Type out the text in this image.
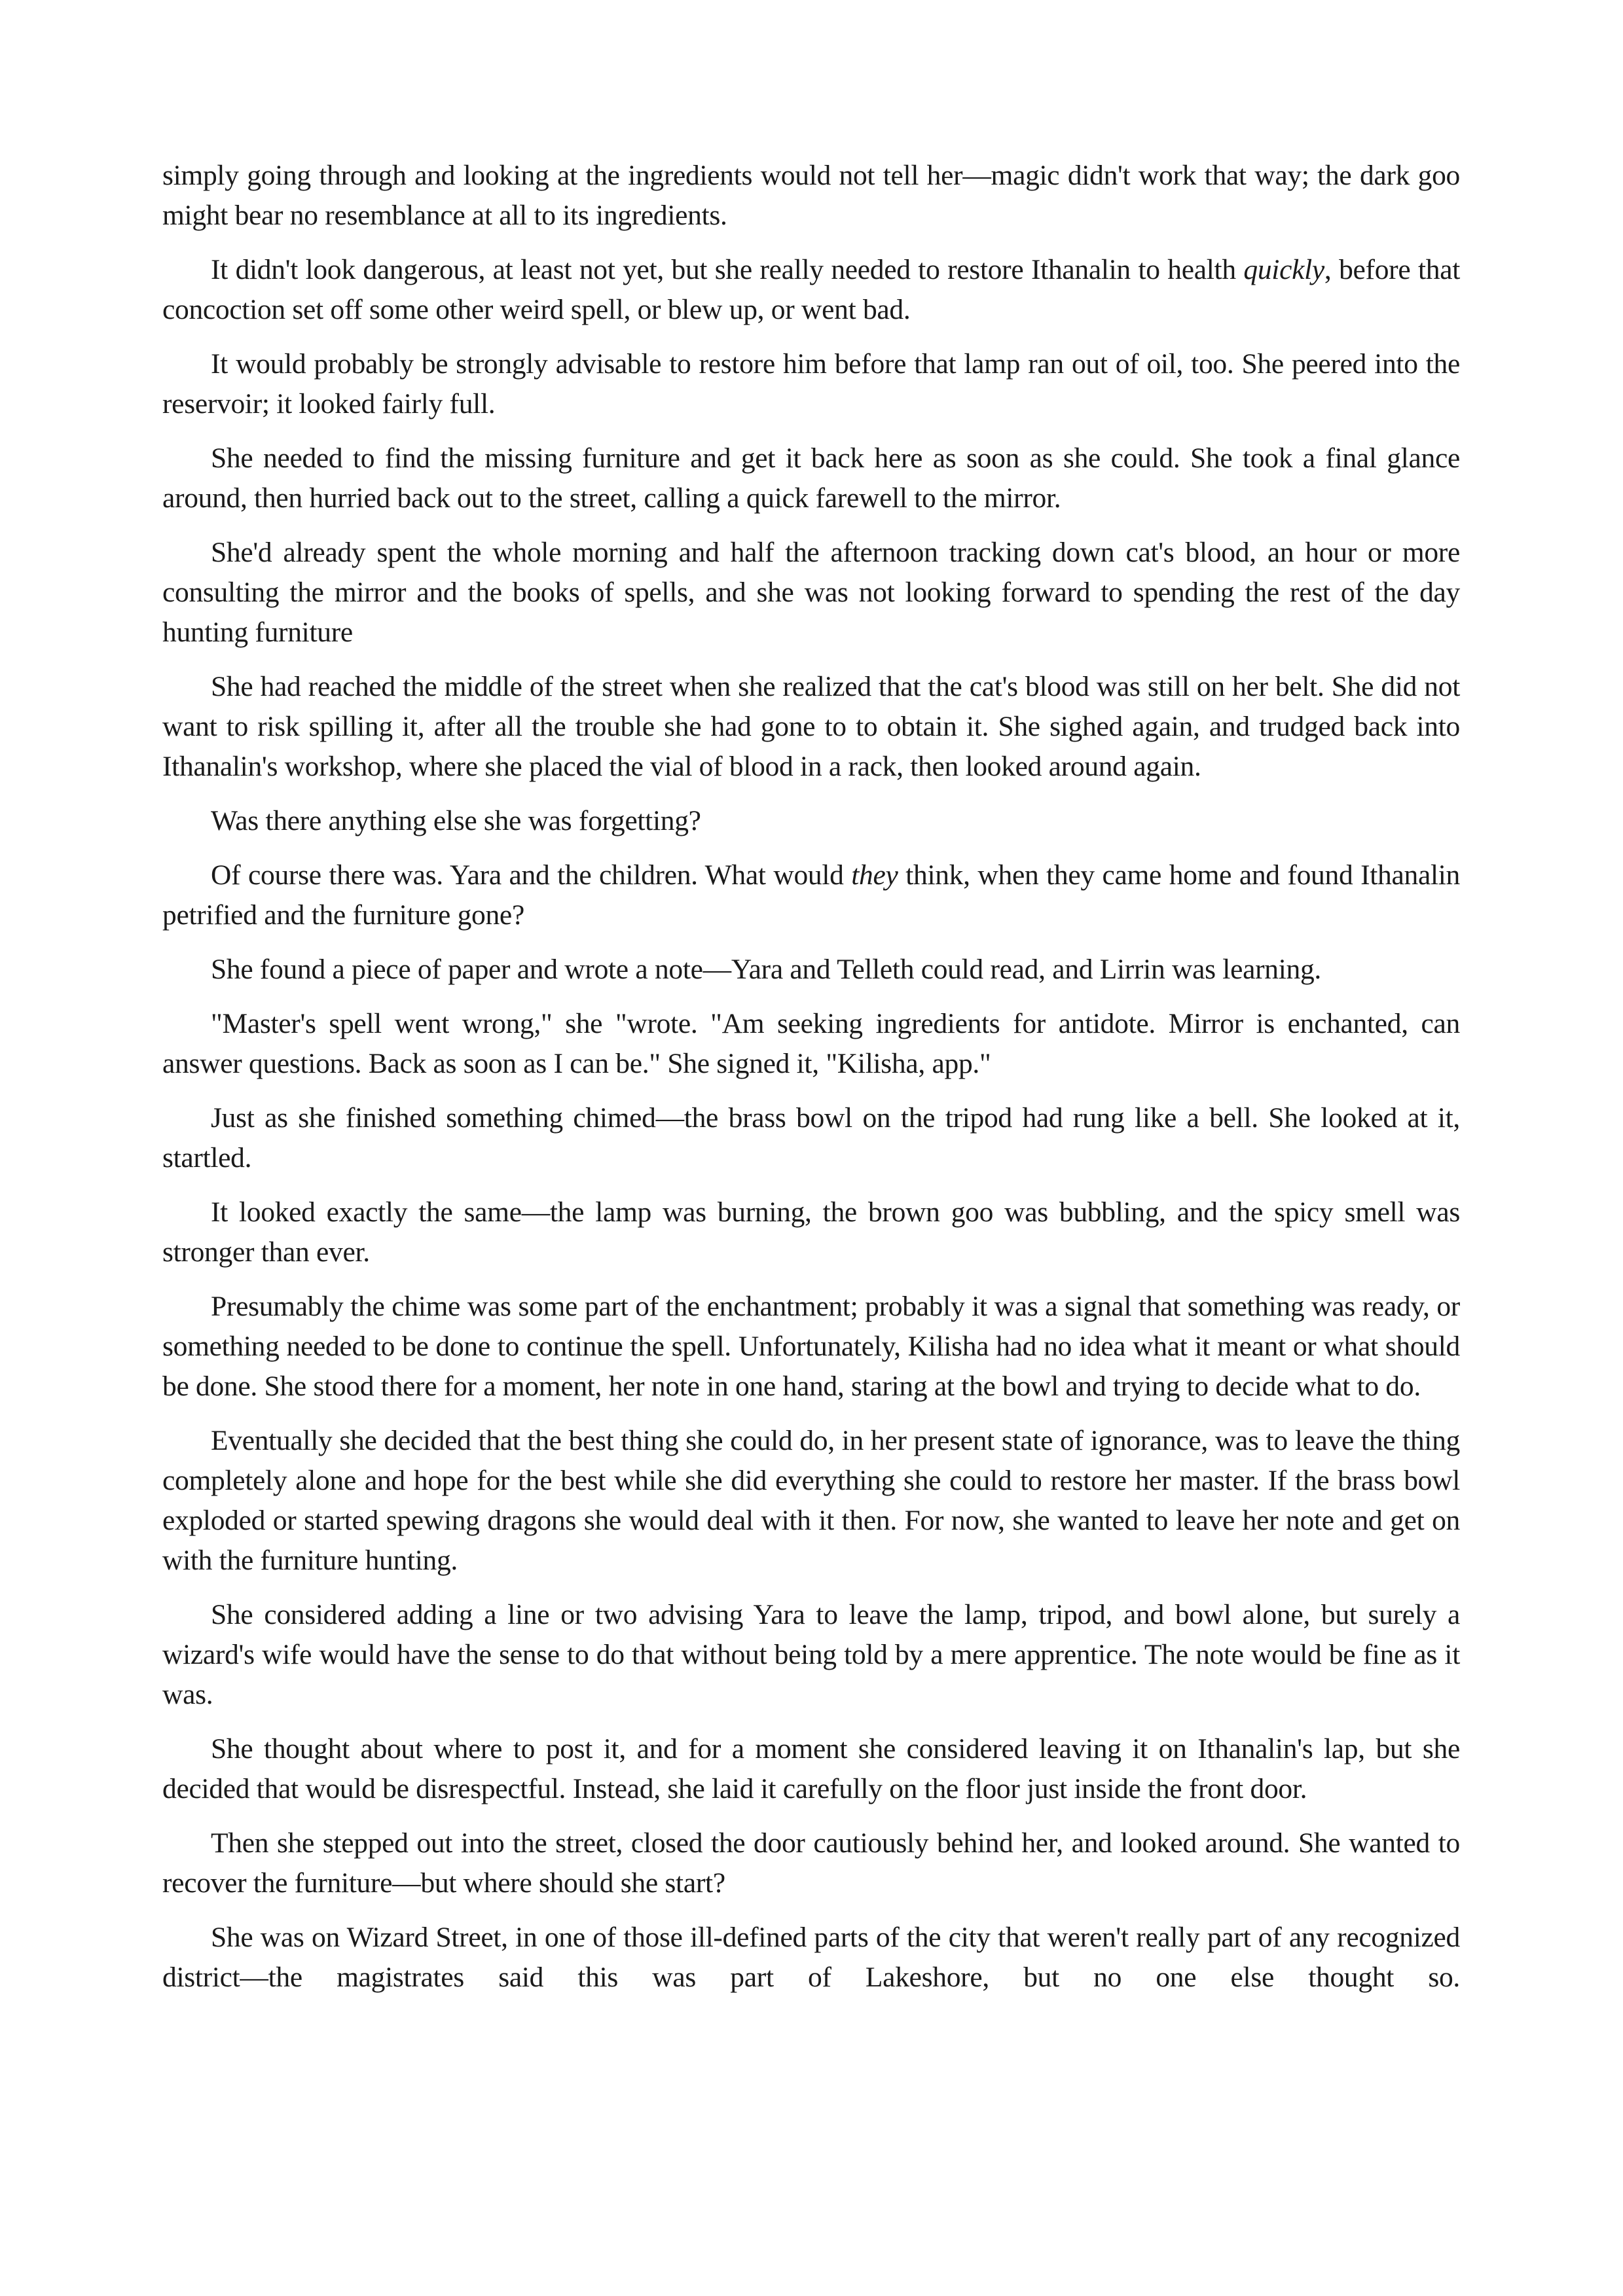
simply going through and looking at the ingredients would not tell her—magic didn't work that way; the dark goo might bear no resemblance at all to its ingredients.

It didn't look dangerous, at least not yet, but she really needed to restore Ithanalin to health quickly, before that concoction set off some other weird spell, or blew up, or went bad.

It would probably be strongly advisable to restore him before that lamp ran out of oil, too. She peered into the reservoir; it looked fairly full.

She needed to find the missing furniture and get it back here as soon as she could. She took a final glance around, then hurried back out to the street, calling a quick farewell to the mirror.

She'd already spent the whole morning and half the afternoon tracking down cat's blood, an hour or more consulting the mirror and the books of spells, and she was not looking forward to spending the rest of the day hunting furniture

She had reached the middle of the street when she realized that the cat's blood was still on her belt. She did not want to risk spilling it, after all the trouble she had gone to to obtain it. She sighed again, and trudged back into Ithanalin's workshop, where she placed the vial of blood in a rack, then looked around again.

Was there anything else she was forgetting?

Of course there was. Yara and the children. What would they think, when they came home and found Ithanalin petrified and the furniture gone?

She found a piece of paper and wrote a note—Yara and Telleth could read, and Lirrin was learning.

"Master's spell went wrong," she "wrote. "Am seeking ingredients for antidote. Mirror is enchanted, can answer questions. Back as soon as I can be." She signed it, "Kilisha, app."

Just as she finished something chimed—the brass bowl on the tripod had rung like a bell. She looked at it, startled.

It looked exactly the same—the lamp was burning, the brown goo was bubbling, and the spicy smell was stronger than ever.

Presumably the chime was some part of the enchantment; probably it was a signal that something was ready, or something needed to be done to continue the spell. Unfortunately, Kilisha had no idea what it meant or what should be done. She stood there for a moment, her note in one hand, staring at the bowl and trying to decide what to do.

Eventually she decided that the best thing she could do, in her present state of ignorance, was to leave the thing completely alone and hope for the best while she did everything she could to restore her master. If the brass bowl exploded or started spewing dragons she would deal with it then. For now, she wanted to leave her note and get on with the furniture hunting.

She considered adding a line or two advising Yara to leave the lamp, tripod, and bowl alone, but surely a wizard's wife would have the sense to do that without being told by a mere apprentice. The note would be fine as it was.

She thought about where to post it, and for a moment she considered leaving it on Ithanalin's lap, but she decided that would be disrespectful. Instead, she laid it carefully on the floor just inside the front door.

Then she stepped out into the street, closed the door cautiously behind her, and looked around. She wanted to recover the furniture—but where should she start?

She was on Wizard Street, in one of those ill-defined parts of the city that weren't really part of any recognized district—the magistrates said this was part of Lakeshore, but no one else thought so.
